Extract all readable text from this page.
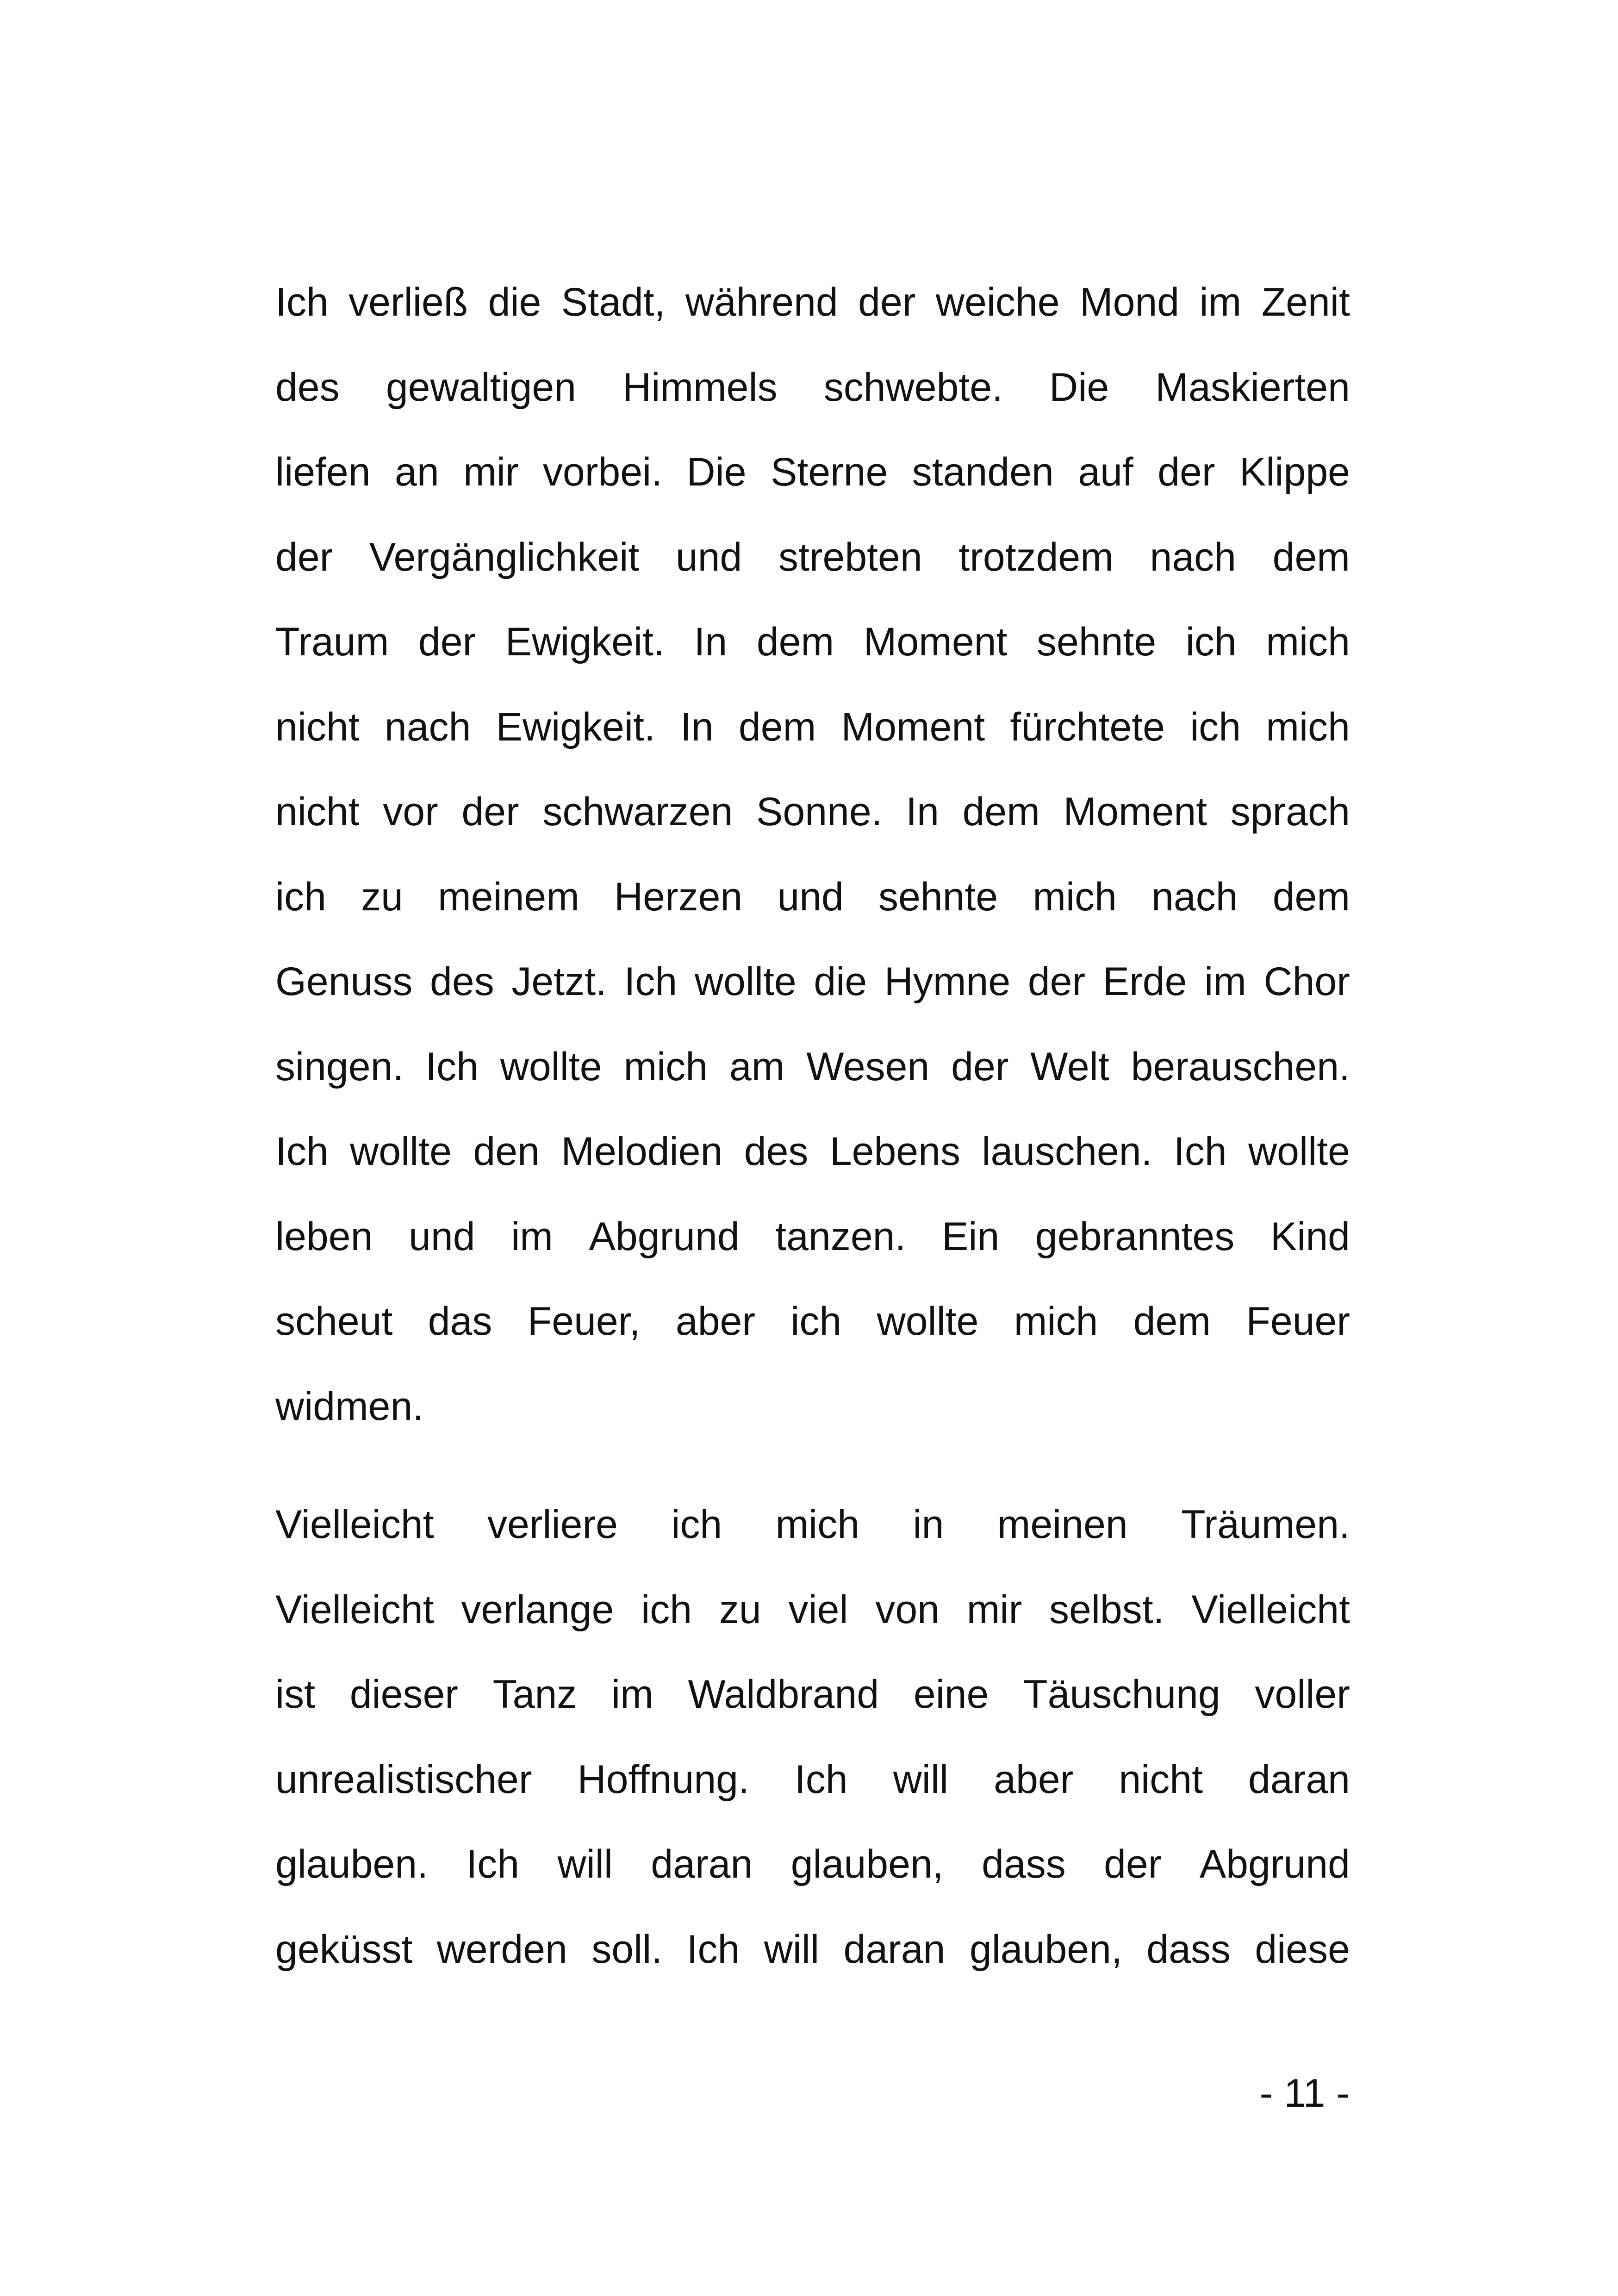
Ich verließ die Stadt, während der weiche Mond im Zenit
des gewaltigen Himmels schwebte. Die Maskierten
liefen an mir vorbei. Die Sterne standen auf der Klippe
der Vergänglichkeit und strebten trotzdem nach dem
Traum der Ewigkeit. In dem Moment sehnte ich mich
nicht nach Ewigkeit. In dem Moment fürchtete ich mich
nicht vor der schwarzen Sonne. In dem Moment sprach
ich zu meinem Herzen und sehnte mich nach dem
Genuss des Jetzt. Ich wollte die Hymne der Erde im Chor
singen. Ich wollte mich am Wesen der Welt berauschen.
Ich wollte den Melodien des Lebens lauschen. Ich wollte
leben und im Abgrund tanzen. Ein gebranntes Kind
scheut das Feuer, aber ich wollte mich dem Feuer
widmen.
Vielleicht verliere ich mich in meinen Träumen.
Vielleicht verlange ich zu viel von mir selbst. Vielleicht
ist dieser Tanz im Waldbrand eine Täuschung voller
unrealistischer Hoffnung. Ich will aber nicht daran
glauben. Ich will daran glauben, dass der Abgrund
geküsst werden soll. Ich will daran glauben, dass diese
- 11 -
